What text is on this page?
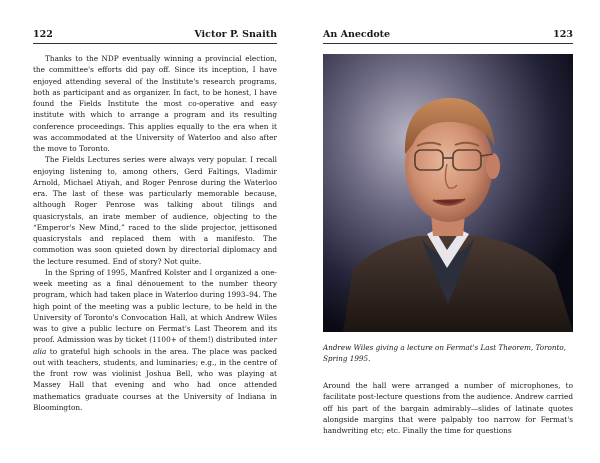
122	Victor P. Snaith

Thanks to the NDP eventually winning a provincial election, the committee's efforts did pay off. Since its inception, I have enjoyed attending several of the Institute's research programs, both as participant and as organizer. In fact, to be honest, I have found the Fields Institute the most co-operative and easy institute with which to arrange a program and its resulting conference proceedings. This applies equally to the era when it was accommodated at the University of Waterloo and also after the move to Toronto.

The Fields Lectures series were always very popular. I recall enjoying listening to, among others, Gerd Faltings, Vladimir Arnold, Michael Atiyah, and Roger Penrose during the Waterloo era. The last of these was particularly memorable because, although Roger Penrose was talking about tilings and quasicrystals, an irate member of audience, objecting to the “Emperor's New Mind,” raced to the slide projector, jettisoned quasicrystals and replaced them with a manifesto. The commotion was soon quieted down by directorial diplomacy and the lecture resumed. End of story? Not quite.

In the Spring of 1995, Manfred Kolster and I organized a one-week meeting as a final dénouement to the number theory program, which had taken place in Waterloo during 1993–94. The high point of the meeting was a public lecture, to be held in the University of Toronto's Convocation Hall, at which Andrew Wiles was to give a public lecture on Fermat's Last Theorem and its proof. Admission was by ticket (1100+ of them!) distributed inter alia to grateful high schools in the area. The place was packed out with teachers, students, and luminaries; e.g., in the centre of the front row was violinist Joshua Bell, who was playing at Massey Hall that evening and who had once attended mathematics graduate courses at the University of Indiana in Bloomington.

An Anecdote	123
Andrew Wiles giving a lecture on Fermat's Last Theorem, Toronto, Spring 1995.

Around the hall were arranged a number of microphones, to facilitate post-lecture questions from the audience. Andrew carried off his part of the bargain admirably—slides of latinate quotes alongside margins that were palpably too narrow for Fermat's handwriting etc; etc. Finally the time for questions
